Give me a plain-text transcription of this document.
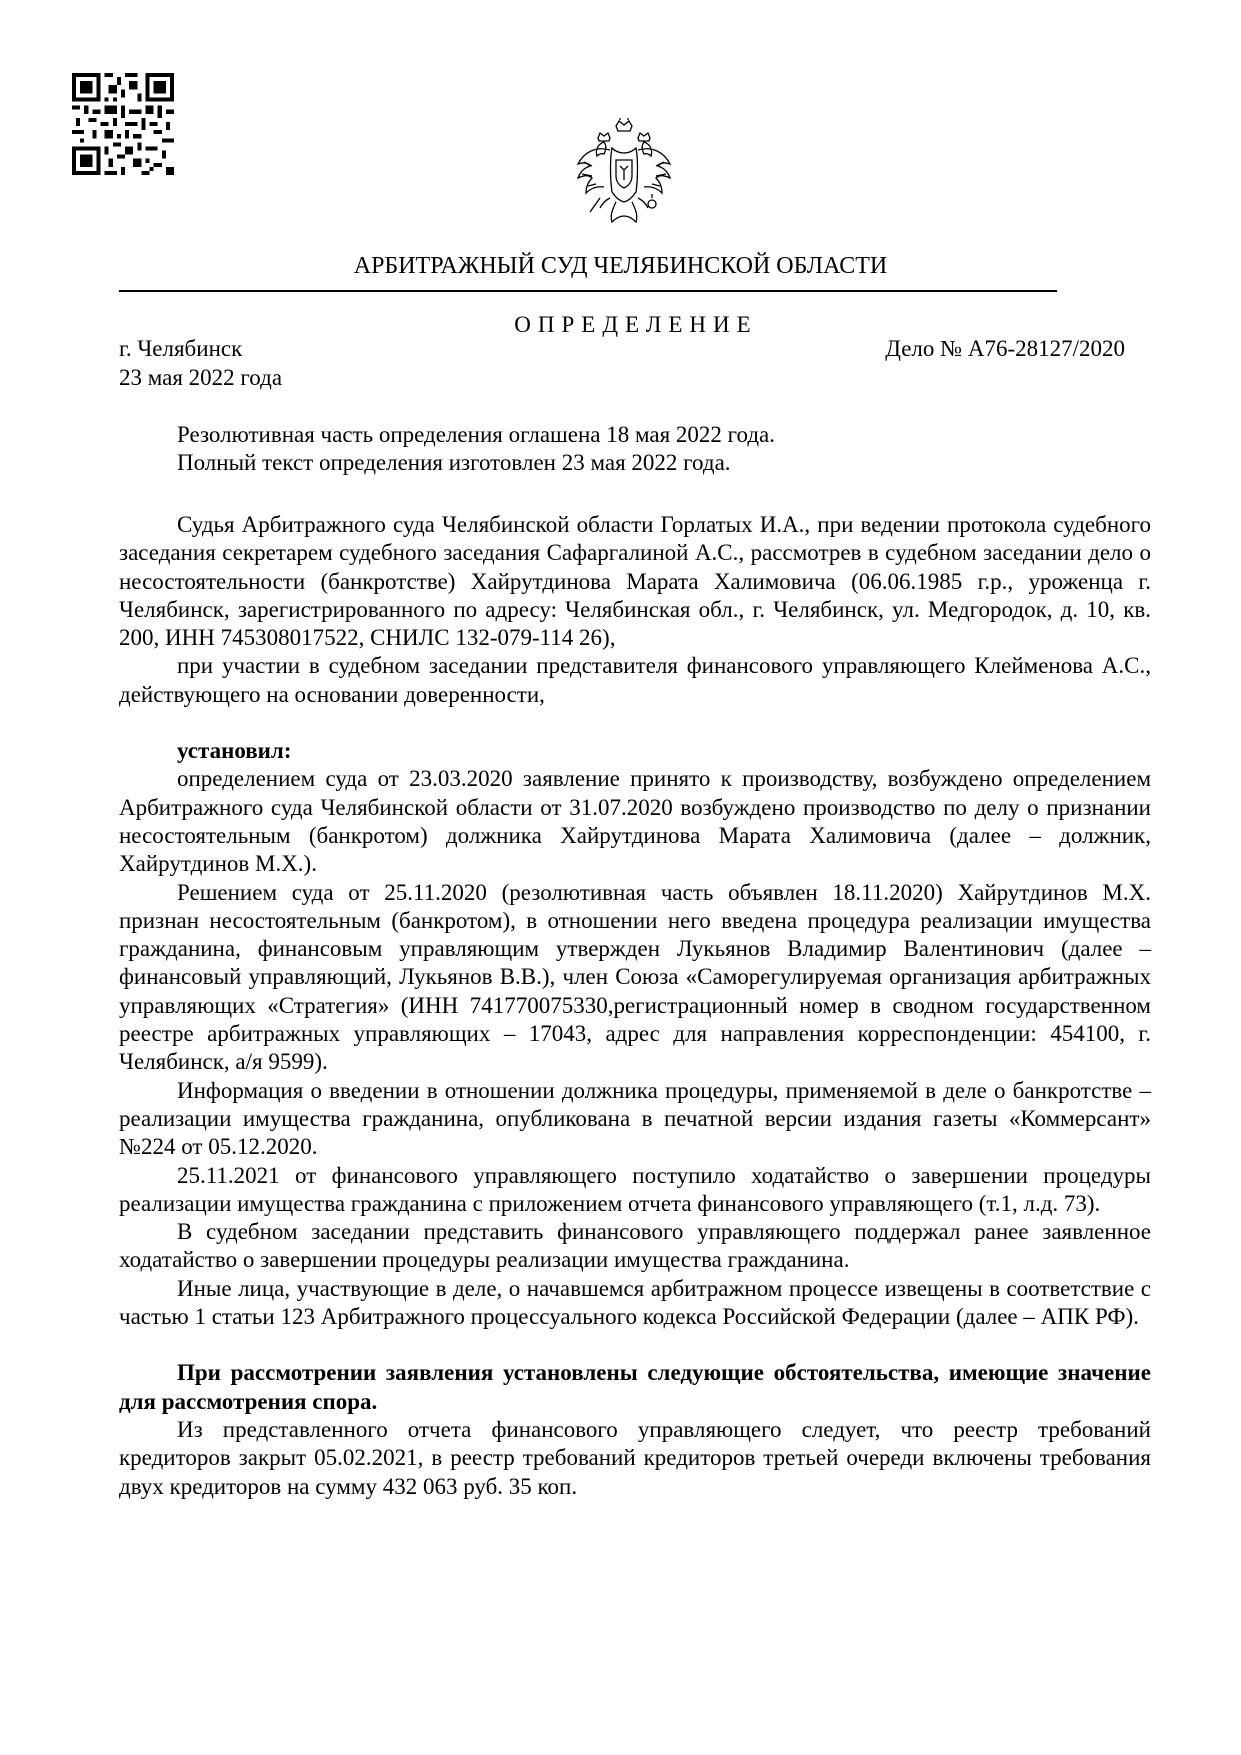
АРБИТРАЖНЫЙ СУД ЧЕЛЯБИНСКОЙ ОБЛАСТИ
ОПРЕДЕЛЕНИЕ
г. Челябинск	Дело № А76-28127/2020
23 мая 2022 года
Резолютивная часть определения оглашена 18 мая 2022 года.
Полный текст определения изготовлен 23 мая 2022 года.

Судья Арбитражного суда Челябинской области Горлатых И.А., при ведении протокола судебного заседания секретарем судебного заседания Сафаргалиной А.С., рассмотрев в судебном заседании дело о несостоятельности (банкротстве) Хайрутдинова Марата Халимовича (06.06.1985 г.р., уроженца г. Челябинск, зарегистрированного по адресу: Челябинская обл., г. Челябинск, ул. Медгородок, д. 10, кв. 200, ИНН 745308017522, СНИЛС 132-079-114 26),

при участии в судебном заседании представителя финансового управляющего Клейменова А.С., действующего на основании доверенности,

установил:

определением суда от 23.03.2020 заявление принято к производству, возбуждено определением Арбитражного суда Челябинской области от 31.07.2020 возбуждено производство по делу о признании несостоятельным (банкротом) должника Хайрутдинова Марата Халимовича (далее – должник, Хайрутдинов М.Х.).

Решением суда от 25.11.2020 (резолютивная часть объявлен 18.11.2020) Хайрутдинов М.Х. признан несостоятельным (банкротом), в отношении него введена процедура реализации имущества гражданина, финансовым управляющим утвержден Лукьянов Владимир Валентинович (далее – финансовый управляющий, Лукьянов В.В.), член Союза «Саморегулируемая организация арбитражных управляющих «Стратегия» (ИНН 741770075330,регистрационный номер в сводном государственном реестре арбитражных управляющих – 17043, адрес для направления корреспонденции: 454100, г. Челябинск, а/я 9599).

Информация о введении в отношении должника процедуры, применяемой в деле о банкротстве – реализации имущества гражданина, опубликована в печатной версии издания газеты «Коммерсант» №224 от 05.12.2020.

25.11.2021 от финансового управляющего поступило ходатайство о завершении процедуры реализации имущества гражданина с приложением отчета финансового управляющего (т.1, л.д. 73).

В судебном заседании представить финансового управляющего поддержал ранее заявленное ходатайство о завершении процедуры реализации имущества гражданина.

Иные лица, участвующие в деле, о начавшемся арбитражном процессе извещены в соответствие с частью 1 статьи 123 Арбитражного процессуального кодекса Российской Федерации (далее – АПК РФ).

При рассмотрении заявления установлены следующие обстоятельства, имеющие значение для рассмотрения спора.

Из представленного отчета финансового управляющего следует, что реестр требований кредиторов закрыт 05.02.2021, в реестр требований кредиторов третьей очереди включены требования двух кредиторов на сумму 432 063 руб. 35 коп.
